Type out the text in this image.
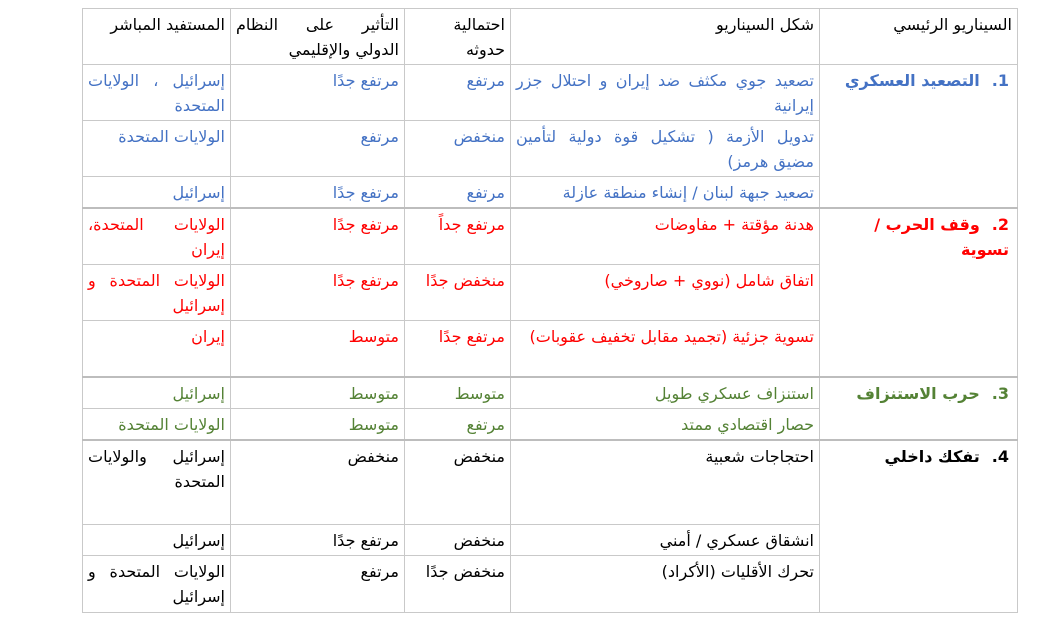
السيناريو الرئيسي	شكل السيناريو	احتمالية حدوثه	التأثير على النظام الدولي والإقليمي	المستفيد المباشر
1.التصعيد العسكري	تصعيد جوي مكثف ضد إيران و احتلال جزر إيرانية	مرتفع	مرتفع جدًا	إسرائيل ، الولايات المتحدة
	تدويل الأزمة ( تشكيل قوة دولية لتأمين مضيق هرمز)	منخفض	مرتفع	الولايات المتحدة
	تصعيد جبهة لبنان / إنشاء منطقة عازلة	مرتفع	مرتفع جدًا	إسرائيل
2.وقف الحرب / تسوية	هدنة مؤقتة + مفاوضات	مرتفع جداً	مرتفع جدًا	الولايات المتحدة، إيران
	اتفاق شامل (نووي + صاروخي)	منخفض جدًا	مرتفع جدًا	الولايات المتحدة و إسرائيل
	تسوية جزئية (تجميد مقابل تخفيف عقوبات)	مرتفع جدًا	متوسط	إيران
3.حرب الاستنزاف	استنزاف عسكري طويل	متوسط	متوسط	إسرائيل
	حصار اقتصادي ممتد	مرتفع	متوسط	الولايات المتحدة
4.تفكك داخلي	احتجاجات شعبية	منخفض	منخفض	إسرائيل والولايات المتحدة
	انشقاق عسكري / أمني	منخفض	مرتفع جدًا	إسرائيل
	تحرك الأقليات (الأكراد)	منخفض جدًا	مرتفع	الولايات المتحدة و إسرائيل
